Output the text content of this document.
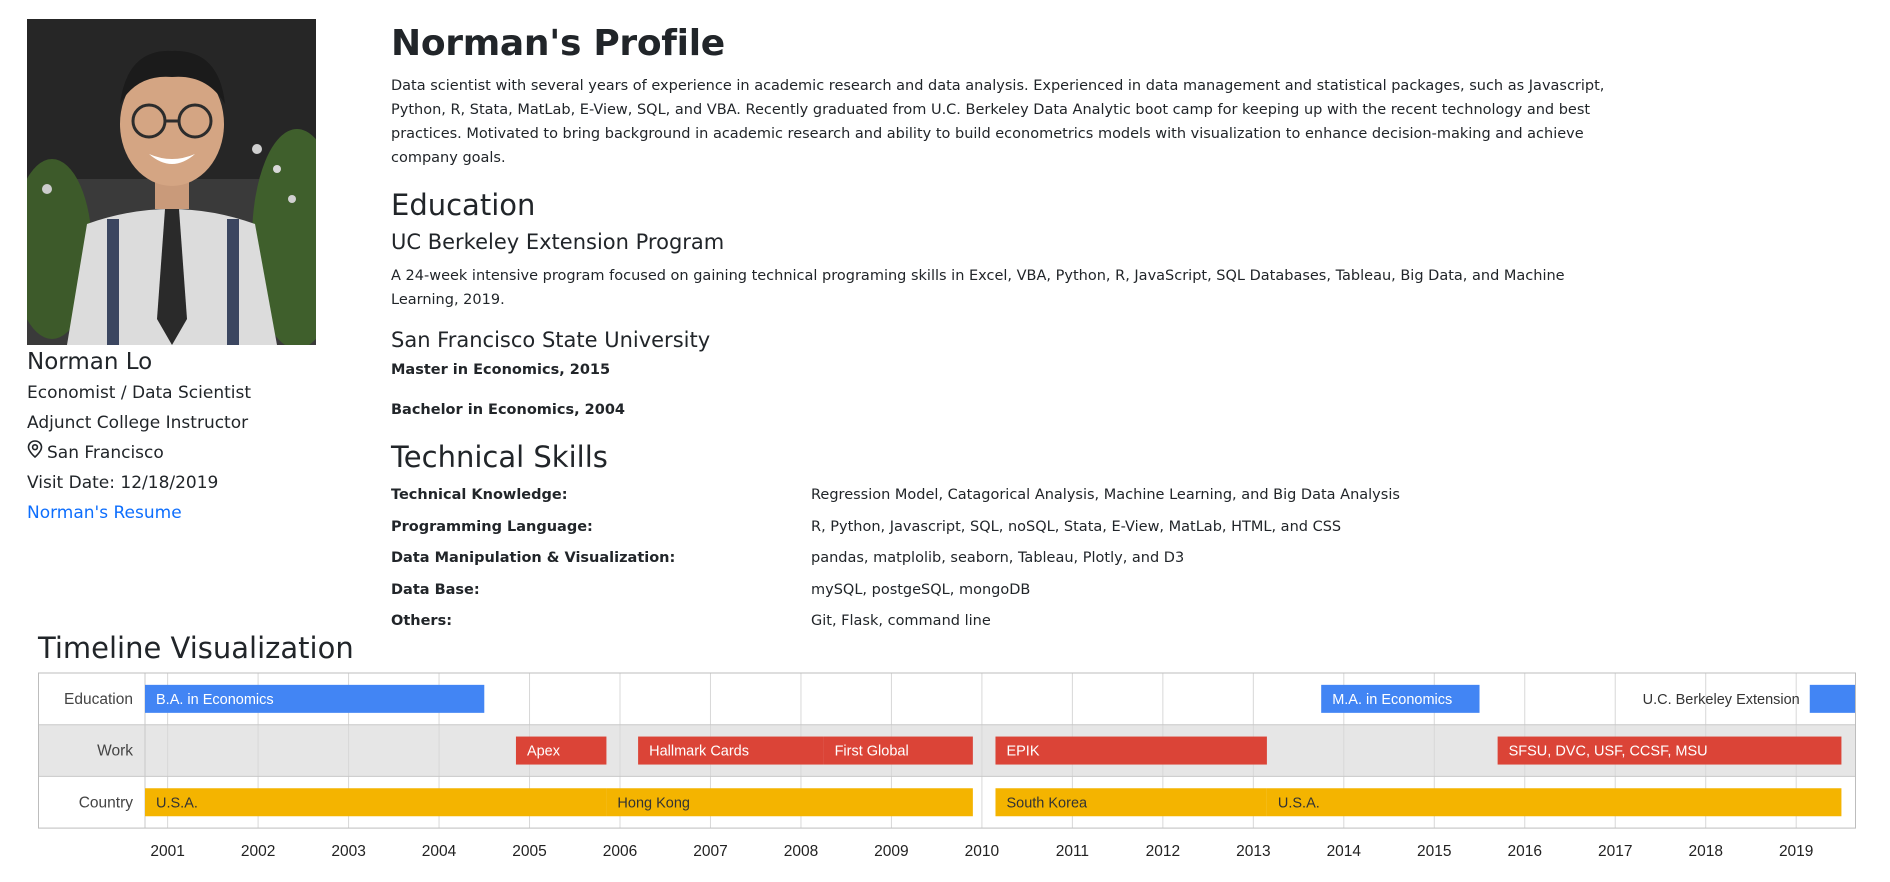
Norman Lo

Economist / Data Scientist

Adjunct College Instructor

San Francisco

Visit Date: 12/18/2019

Norman's Resume
Norman's Profile

Data scientist with several years of experience in academic research and data analysis. Experienced in data management and statistical packages, such as Javascript, Python, R, Stata, MatLab, E-View, SQL, and VBA. Recently graduated from U.C. Berkeley Data Analytic boot camp for keeping up with the recent technology and best practices. Motivated to bring background in academic research and ability to build econometrics models with visualization to enhance decision-making and achieve company goals.

Education
UC Berkeley Extension Program

A 24-week intensive program focused on gaining technical programing skills in Excel, VBA, Python, R, JavaScript, SQL Databases, Tableau, Big Data, and Machine Learning, 2019.

San Francisco State University

Master in Economics, 2015

Bachelor in Economics, 2004

Technical Skills
Technical Knowledge:	Regression Model, Catagorical Analysis, Machine Learning, and Big Data Analysis
Programming Language:	R, Python, Javascript, SQL, noSQL, Stata, E-View, MatLab, HTML, and CSS
Data Manipulation & Visualization:	pandas, matplolib, seaborn, Tableau, Plotly, and D3
Data Base:	mySQL, postgeSQL, mongoDB
Others:	Git, Flask, command line
Timeline Visualization
Education
Work
Country
B.A. in Economics	M.A. in Economics	U.C. Berkeley Extension
Apex	Hallmark Cards	First Global	EPIK	SFSU, DVC, USF, CCSF, MSU
U.S.A.	Hong Kong	South Korea	U.S.A.
2001	2002	2003	2004	2005	2006	2007	2008	2009	2010	2011	2012	2013	2014	2015	2016	2017	2018	2019
